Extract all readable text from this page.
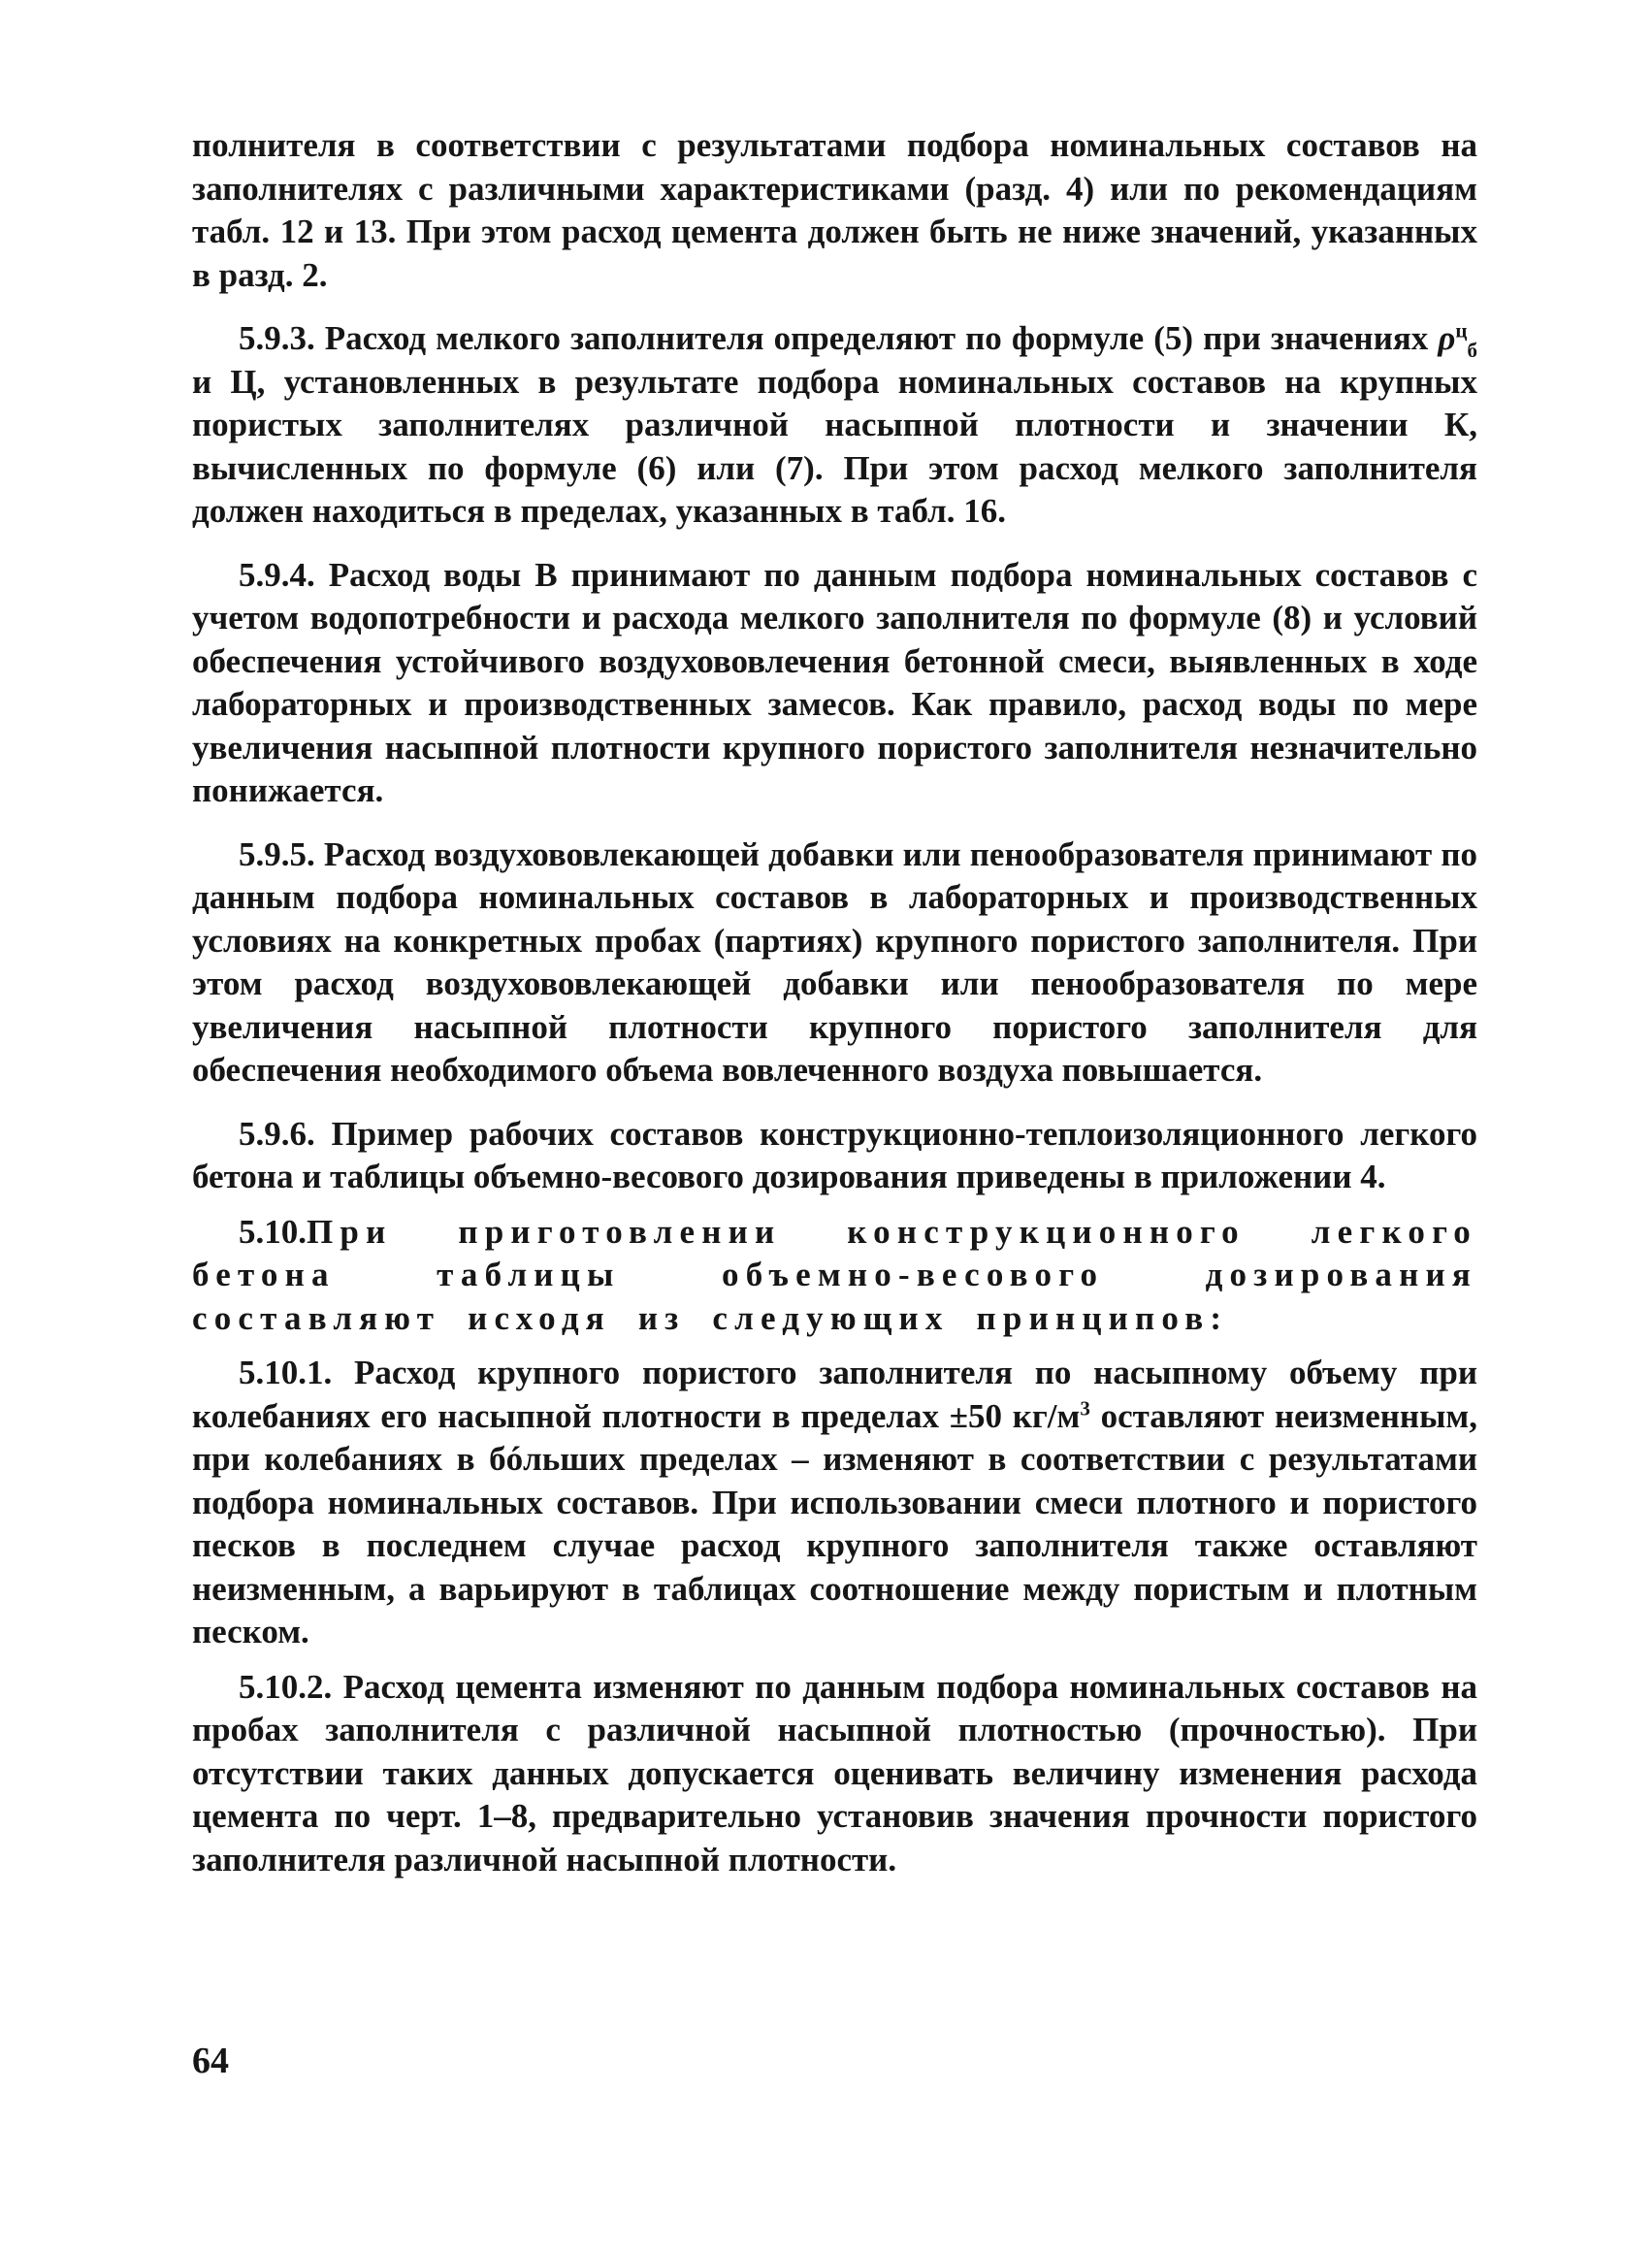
полнителя в соответствии с результатами подбора номинальных составов на заполнителях с различными характеристиками (разд. 4) или по рекомендациям табл. 12 и 13. При этом расход цемента должен быть не ниже значений, указанных в разд. 2.

5.9.3. Расход мелкого заполнителя определяют по формуле (5) при значениях $\rho^ц_б$ и Ц, установленных в результате подбора номинальных составов на крупных пористых заполнителях различной насыпной плотности и значении К, вычисленных по формуле (6) или (7). При этом расход мелкого заполнителя должен находиться в пределах, указанных в табл. 16.

5.9.4. Расход воды В принимают по данным подбора номинальных составов с учетом водопотребности и расхода мелкого заполнителя по формуле (8) и условий обеспечения устойчивого воздухововлечения бетонной смеси, выявленных в ходе лабораторных и производственных замесов. Как правило, расход воды по мере увеличения насыпной плотности крупного пористого заполнителя незначительно понижается.

5.9.5. Расход воздухововлекающей добавки или пенообразователя принимают по данным подбора номинальных составов в лабораторных и производственных условиях на конкретных пробах (партиях) крупного пористого заполнителя. При этом расход воздухововлекающей добавки или пенообразователя по мере увеличения насыпной плотности крупного пористого заполнителя для обеспечения необходимого объема вовлеченного воздуха повышается.

5.9.6. Пример рабочих составов конструкционно-теплоизоляционного легкого бетона и таблицы объемно-весового дозирования приведены в приложении 4.

5.10.При приготовлении конструкционного легкого бетона таблицы объемно-весового дозирования составляют исходя из следующих принципов:

5.10.1. Расход крупного пористого заполнителя по насыпному объему при колебаниях его насыпной плотности в пределах ±50 $кг/м^3$ оставляют неизменным, при колебаниях в бóльших пределах – изменяют в соответствии с результатами подбора номинальных составов. При использовании смеси плотного и пористого песков в последнем случае расход крупного заполнителя также оставляют неизменным, а варьируют в таблицах соотношение между пористым и плотным песком.

5.10.2. Расход цемента изменяют по данным подбора номинальных составов на пробах заполнителя с различной насыпной плотностью (прочностью). При отсутствии таких данных допускается оценивать величину изменения расхода цемента по черт. 1–8, предварительно установив значения прочности пористого заполнителя различной насыпной плотности.

64
